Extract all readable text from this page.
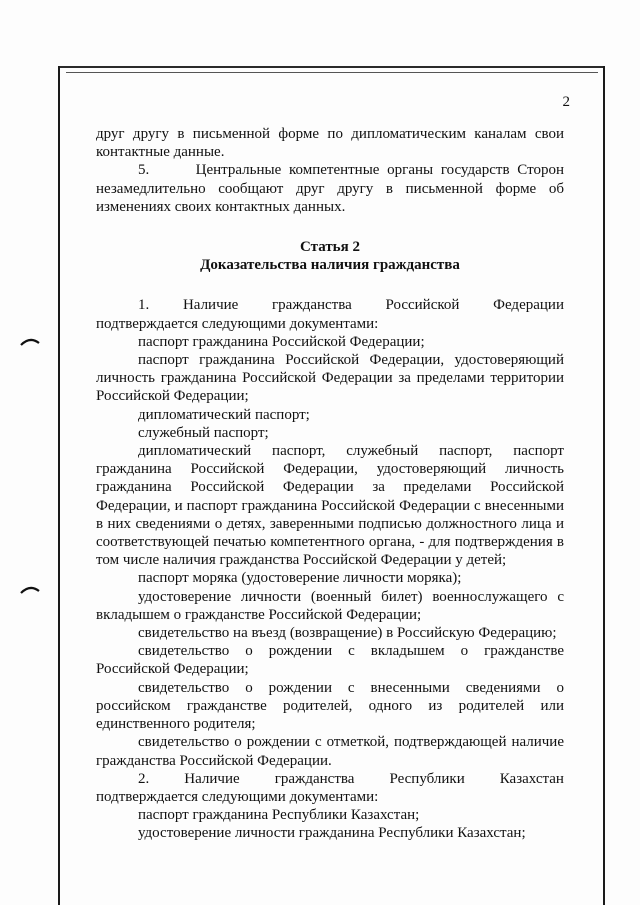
2

друг другу в письменной форме по дипломатическим каналам свои контактные данные.

5.      Центральные компетентные органы государств Сторон незамедлительно сообщают друг другу в письменной форме об изменениях своих контактных данных.

Статья 2

Доказательства наличия гражданства

1. Наличие гражданства Российской Федерации

подтверждается следующими документами:

паспорт гражданина Российской Федерации;

паспорт гражданина Российской Федерации, удостоверяющий личность гражданина Российской Федерации за пределами территории Российской Федерации;

дипломатический паспорт;

служебный паспорт;

дипломатический паспорт, служебный паспорт, паспорт гражданина Российской Федерации, удостоверяющий личность гражданина Российской Федерации за пределами Российской Федерации, и паспорт гражданина Российской Федерации с внесенными в них сведениями о детях, заверенными подписью должностного лица и соответствующей печатью компетентного органа, - для подтверждения в том числе наличия гражданства Российской Федерации у детей;

паспорт моряка (удостоверение личности моряка);

удостоверение личности (военный билет) военнослужащего с вкладышем о гражданстве Российской Федерации;

свидетельство на въезд (возвращение) в Российскую Федерацию;

свидетельство о рождении с вкладышем о гражданстве Российской Федерации;

свидетельство о рождении с внесенными сведениями о российском гражданстве родителей, одного из родителей или единственного родителя;

свидетельство о рождении с отметкой, подтверждающей наличие гражданства Российской Федерации.

2. Наличие гражданства Республики Казахстан

подтверждается следующими документами:

паспорт гражданина Республики Казахстан;

удостоверение личности гражданина Республики Казахстан;
